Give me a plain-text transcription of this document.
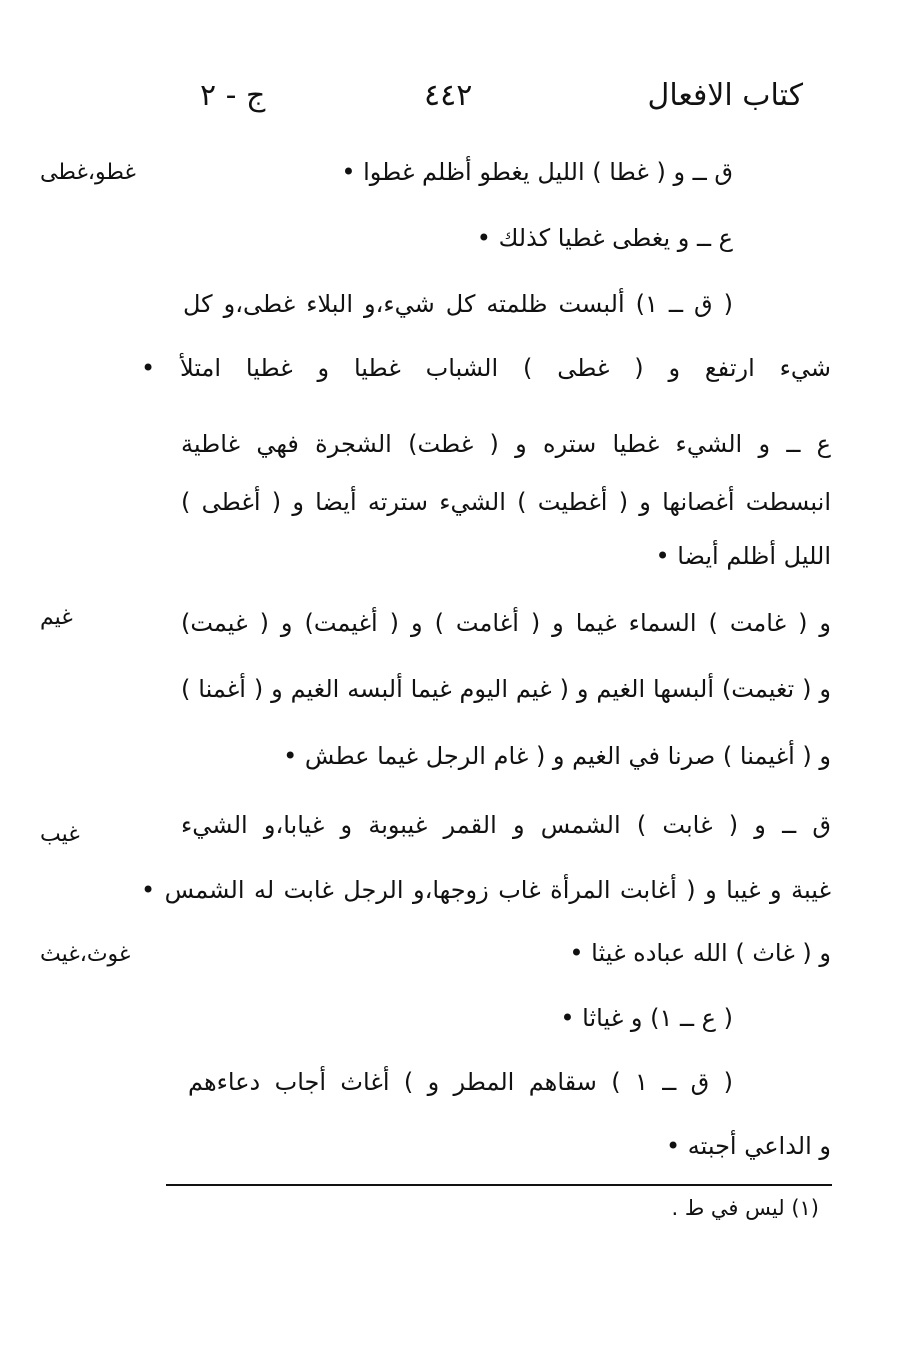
كتاب الافعال
٤٤٢
ج - ٢
غطو،غطى
غيم
غيب
غوث،غيث
ق ــ و ( غطا ) الليل يغطو أظلم غطوا •
ع ــ و يغطى غطيا كذلك •
( ق ــ ١) ألبست ظلمته كل شيء،و البلاء غطى،و كل
شيء ارتفع و ( غطى ) الشباب غطيا و غطيا امتلأ •
ع ــ و الشيء غطيا ستره و ( غطت) الشجرة فهي غاطية
انبسطت أغصانها و ( أغطيت ) الشيء سترته أيضا و ( أغطى )
الليل أظلم أيضا •
و ( غامت ) السماء غيما و ( أغامت ) و ( أغيمت) و ( غيمت)
و ( تغيمت) ألبسها الغيم و ( غيم اليوم غيما ألبسه الغيم و ( أغمنا )
و ( أغيمنا ) صرنا في الغيم و ( غام الرجل غيما عطش •
ق ــ و ( غابت ) الشمس و القمر غيبوبة و غيابا،و الشيء
غيبة و غيبا و ( أغابت المرأة غاب زوجها،و الرجل غابت له الشمس •
و ( غاث ) الله عباده غيثا •
( ع ــ ١) و غياثا •
( ق ــ ١ ) سقاهم المطر و ) أغاث أجاب دعاءهم
و الداعي أجبته •
(١) ليس في ط .
